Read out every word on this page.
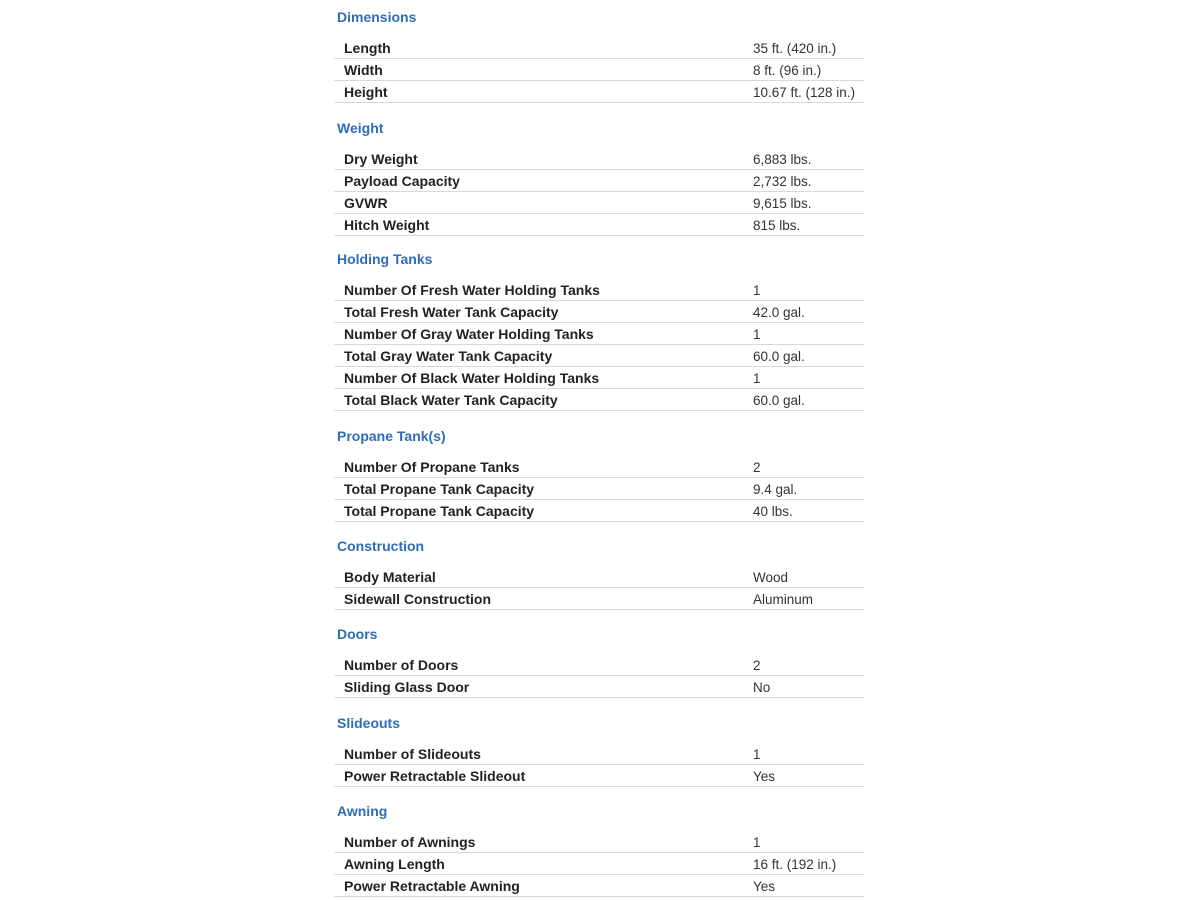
Dimensions
Length	35 ft. (420 in.)
Width	8 ft. (96 in.)
Height	10.67 ft. (128 in.)
Weight
Dry Weight	6,883 lbs.
Payload Capacity	2,732 lbs.
GVWR	9,615 lbs.
Hitch Weight	815 lbs.
Holding Tanks
Number Of Fresh Water Holding Tanks	1
Total Fresh Water Tank Capacity	42.0 gal.
Number Of Gray Water Holding Tanks	1
Total Gray Water Tank Capacity	60.0 gal.
Number Of Black Water Holding Tanks	1
Total Black Water Tank Capacity	60.0 gal.
Propane Tank(s)
Number Of Propane Tanks	2
Total Propane Tank Capacity	9.4 gal.
Total Propane Tank Capacity	40 lbs.
Construction
Body Material	Wood
Sidewall Construction	Aluminum
Doors
Number of Doors	2
Sliding Glass Door	No
Slideouts
Number of Slideouts	1
Power Retractable Slideout	Yes
Awning
Number of Awnings	1
Awning Length	16 ft. (192 in.)
Power Retractable Awning	Yes
